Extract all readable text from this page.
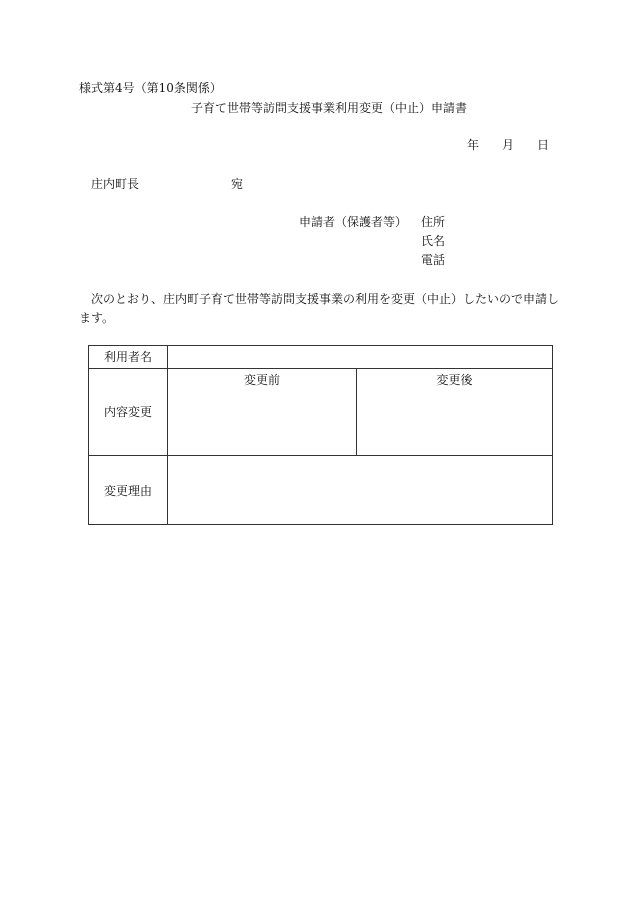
様式第4号（第10条関係）
子育て世帯等訪問支援事業利用変更（中止）申請書
年 月 日
庄内町長	宛
申請者（保護者等） 住所
氏名
電話
次のとおり、庄内町子育て世帯等訪問支援事業の利用を変更（中止）したいので申請します。
利用者名
内容変更
変更前	変更後
変更理由
